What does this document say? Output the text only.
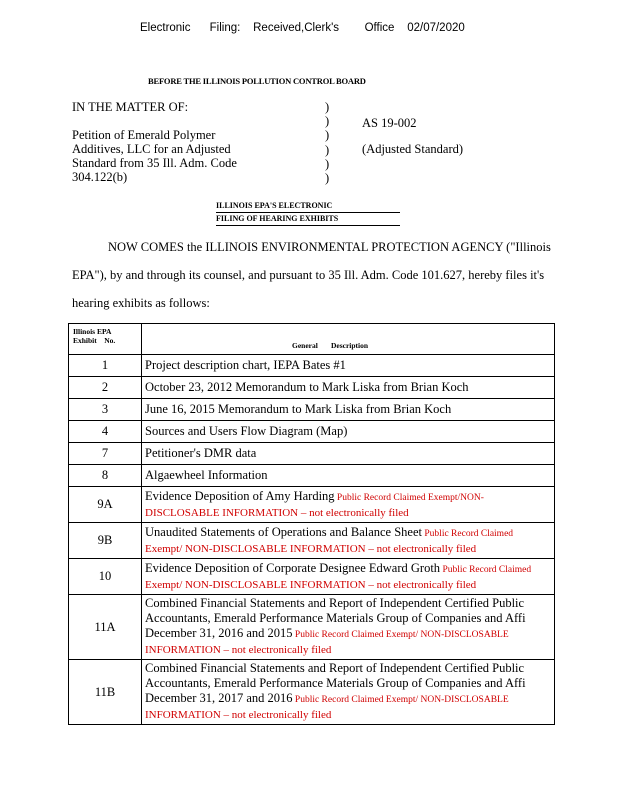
Electronic      Filing:    Received,Clerk's        Office    02/07/2020
BEFORE THE ILLINOIS POLLUTION CONTROL BOARD
IN THE MATTER OF:
Petition of Emerald Polymer
Additives, LLC for an Adjusted
Standard from 35 Ill. Adm. Code
304.122(b)
)
)
)
)
)
)
AS 19-002
(Adjusted Standard)
ILLINOIS EPA'S ELECTRONIC
FILING OF HEARING EXHIBITS
NOW COMES the ILLINOIS ENVIRONMENTAL PROTECTION AGENCY ("Illinois
EPA"), by and through its counsel, and pursuant to 35 Ill. Adm. Code 101.627, hereby files it's
hearing exhibits as follows:
Illinois EPA
Exhibit    No.	General       Description

1	Project description chart, IEPA Bates #1

2	October 23, 2012 Memorandum to Mark Liska from Brian Koch

3	June 16, 2015 Memorandum to Mark Liska from Brian Koch

4	Sources and Users Flow Diagram (Map)

7	Petitioner's DMR data

8	Algaewheel Information

9A	Evidence Deposition of Amy Harding Public Record Claimed Exempt/NON-
DISCLOSABLE INFORMATION – not electronically filed

9B	Unaudited Statements of Operations and Balance Sheet Public Record Claimed
Exempt/ NON-DISCLOSABLE INFORMATION – not electronically filed

10	Evidence Deposition of Corporate Designee Edward Groth Public Record Claimed
Exempt/ NON-DISCLOSABLE INFORMATION – not electronically filed

11A	Combined Financial Statements and Report of Independent Certified Public
Accountants, Emerald Performance Materials Group of Companies and Affi
December 31, 2016 and 2015 Public Record Claimed Exempt/ NON-DISCLOSABLE
INFORMATION – not electronically filed

11B	Combined Financial Statements and Report of Independent Certified Public
Accountants, Emerald Performance Materials Group of Companies and Affi
December 31, 2017 and 2016 Public Record Claimed Exempt/ NON-DISCLOSABLE
INFORMATION – not electronically filed
